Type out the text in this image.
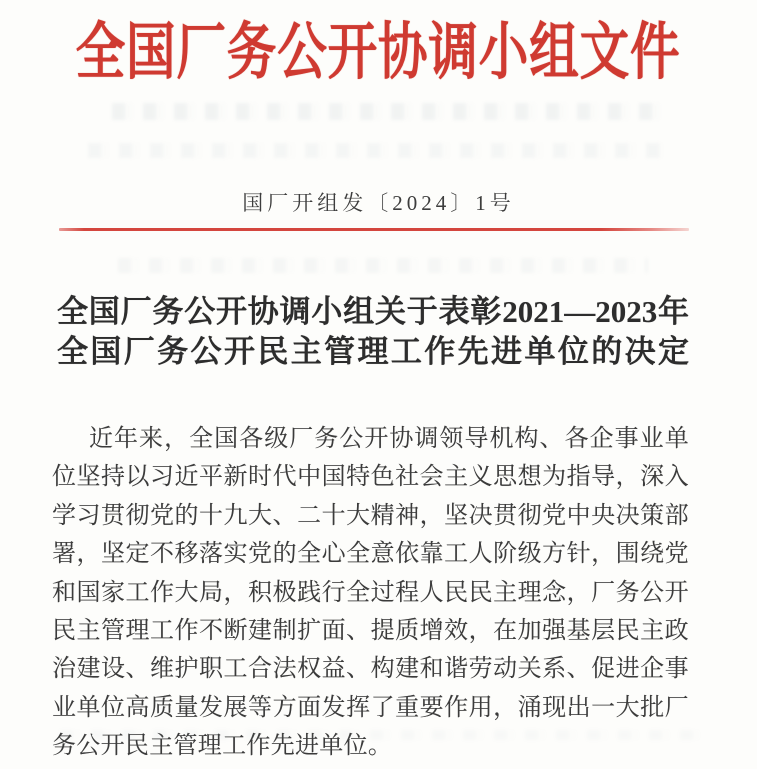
全国厂务公开协调小组文件
国厂开组发〔2024〕1号
全国厂务公开协调小组关于表彰2021—2023年
全国厂务公开民主管理工作先进单位的决定
近年来，全国各级厂务公开协调领导机构、各企事业单
位坚持以习近平新时代中国特色社会主义思想为指导，深入
学习贯彻党的十九大、二十大精神，坚决贯彻党中央决策部
署，坚定不移落实党的全心全意依靠工人阶级方针，围绕党
和国家工作大局，积极践行全过程人民民主理念，厂务公开
民主管理工作不断建制扩面、提质增效，在加强基层民主政
治建设、维护职工合法权益、构建和谐劳动关系、促进企事
业单位高质量发展等方面发挥了重要作用，涌现出一大批厂
务公开民主管理工作先进单位。
